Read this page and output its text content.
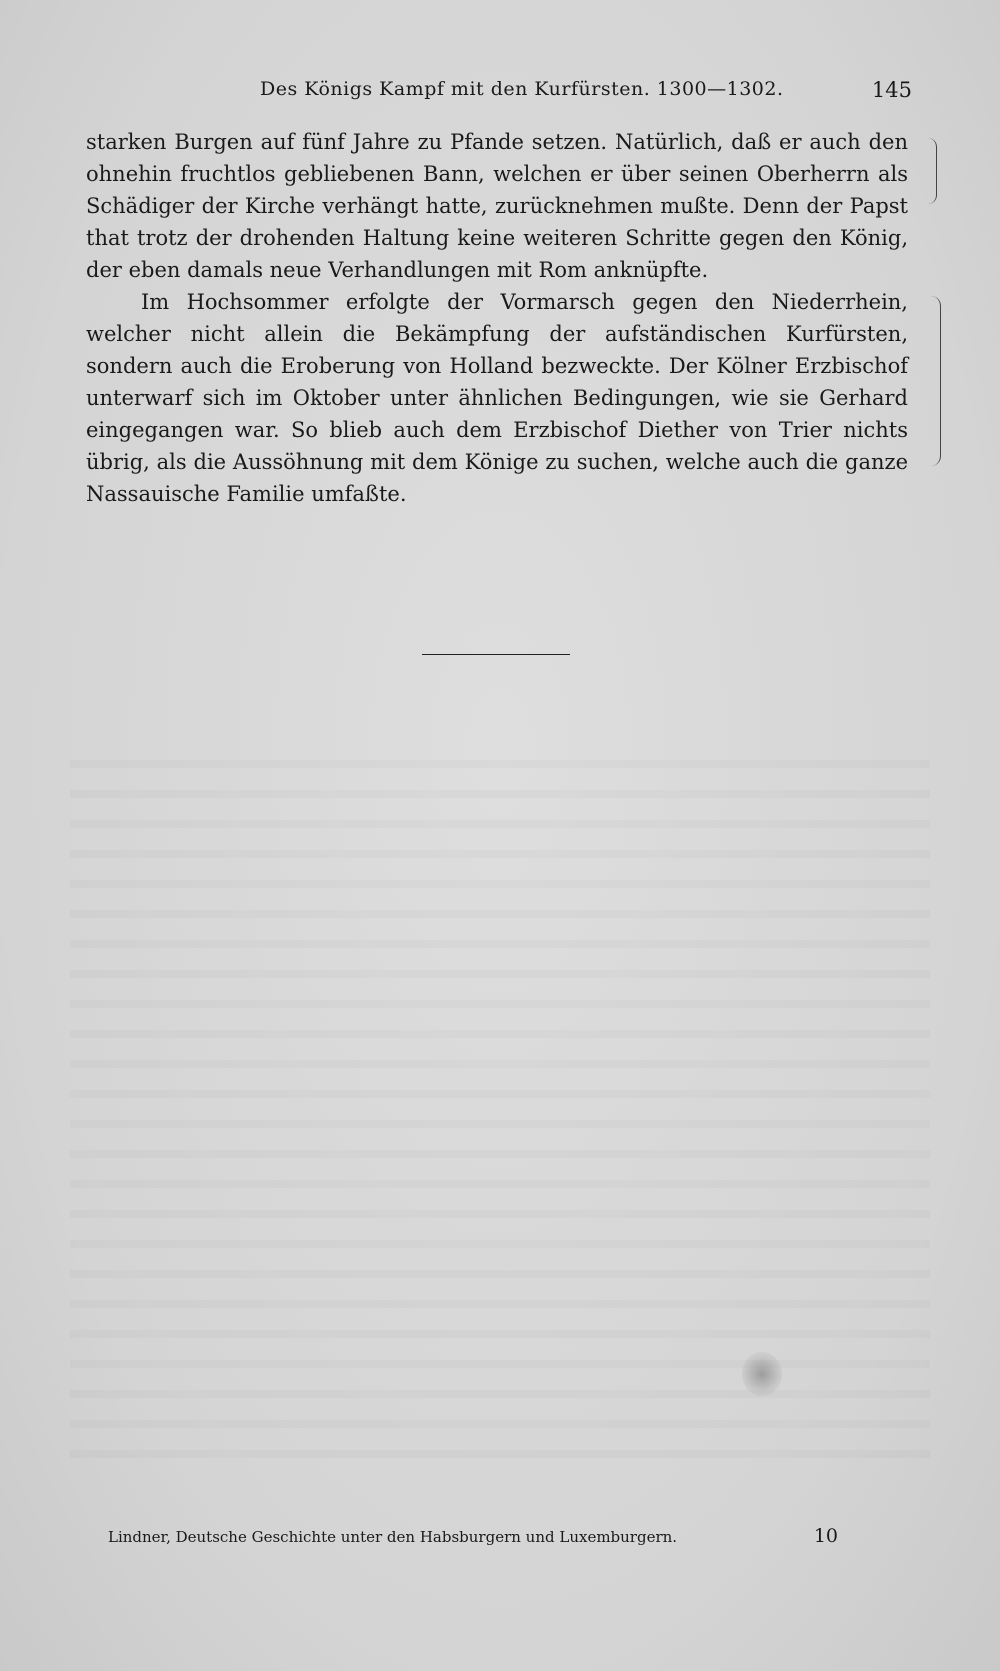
Des Königs Kampf mit den Kurfürsten. 1300—1302.	145

starken Burgen auf fünf Jahre zu Pfande setzen. Natürlich, daß er auch den ohnehin fruchtlos gebliebenen Bann, welchen er über seinen Oberherrn als Schädiger der Kirche verhängt hatte, zurücknehmen mußte. Denn der Papst that trotz der drohenden Haltung keine weiteren Schritte gegen den König, der eben damals neue Verhandlungen mit Rom anknüpfte.

Im Hochsommer erfolgte der Vormarsch gegen den Niederrhein, welcher nicht allein die Bekämpfung der aufständischen Kurfürsten, sondern auch die Eroberung von Holland bezweckte. Der Kölner Erzbischof unterwarf sich im Oktober unter ähnlichen Bedingungen, wie sie Gerhard eingegangen war. So blieb auch dem Erzbischof Diether von Trier nichts übrig, als die Aussöhnung mit dem Könige zu suchen, welche auch die ganze Nassauische Familie umfaßte.

Lindner, Deutsche Geschichte unter den Habsburgern und Luxemburgern.	10
